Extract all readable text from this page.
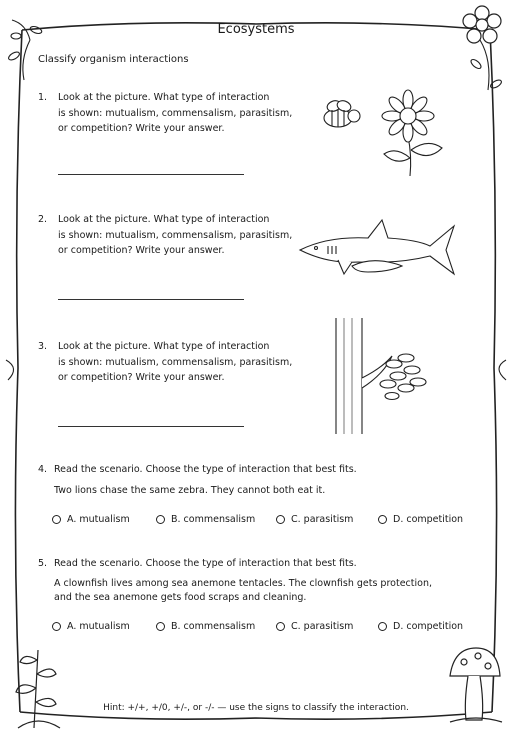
Ecosystems
Classify organism interactions
1. Look at the picture. What type of interaction
is shown: mutualism, commensalism, parasitism,
or competition? Write your answer.
2. Look at the picture. What type of interaction
is shown: mutualism, commensalism, parasitism,
or competition? Write your answer.
3. Look at the picture. What type of interaction
is shown: mutualism, commensalism, parasitism,
or competition? Write your answer.
4. Read the scenario. Choose the type of interaction that best fits.
Two lions chase the same zebra. They cannot both eat it.
A. mutualism	B. commensalism	C. parasitism	D. competition
5. Read the scenario. Choose the type of interaction that best fits.
A clownfish lives among sea anemone tentacles. The clownfish gets protection,
and the sea anemone gets food scraps and cleaning.
A. mutualism	B. commensalism	C. parasitism	D. competition
Hint: +/+, +/0, +/-, or -/- — use the signs to classify the interaction.
